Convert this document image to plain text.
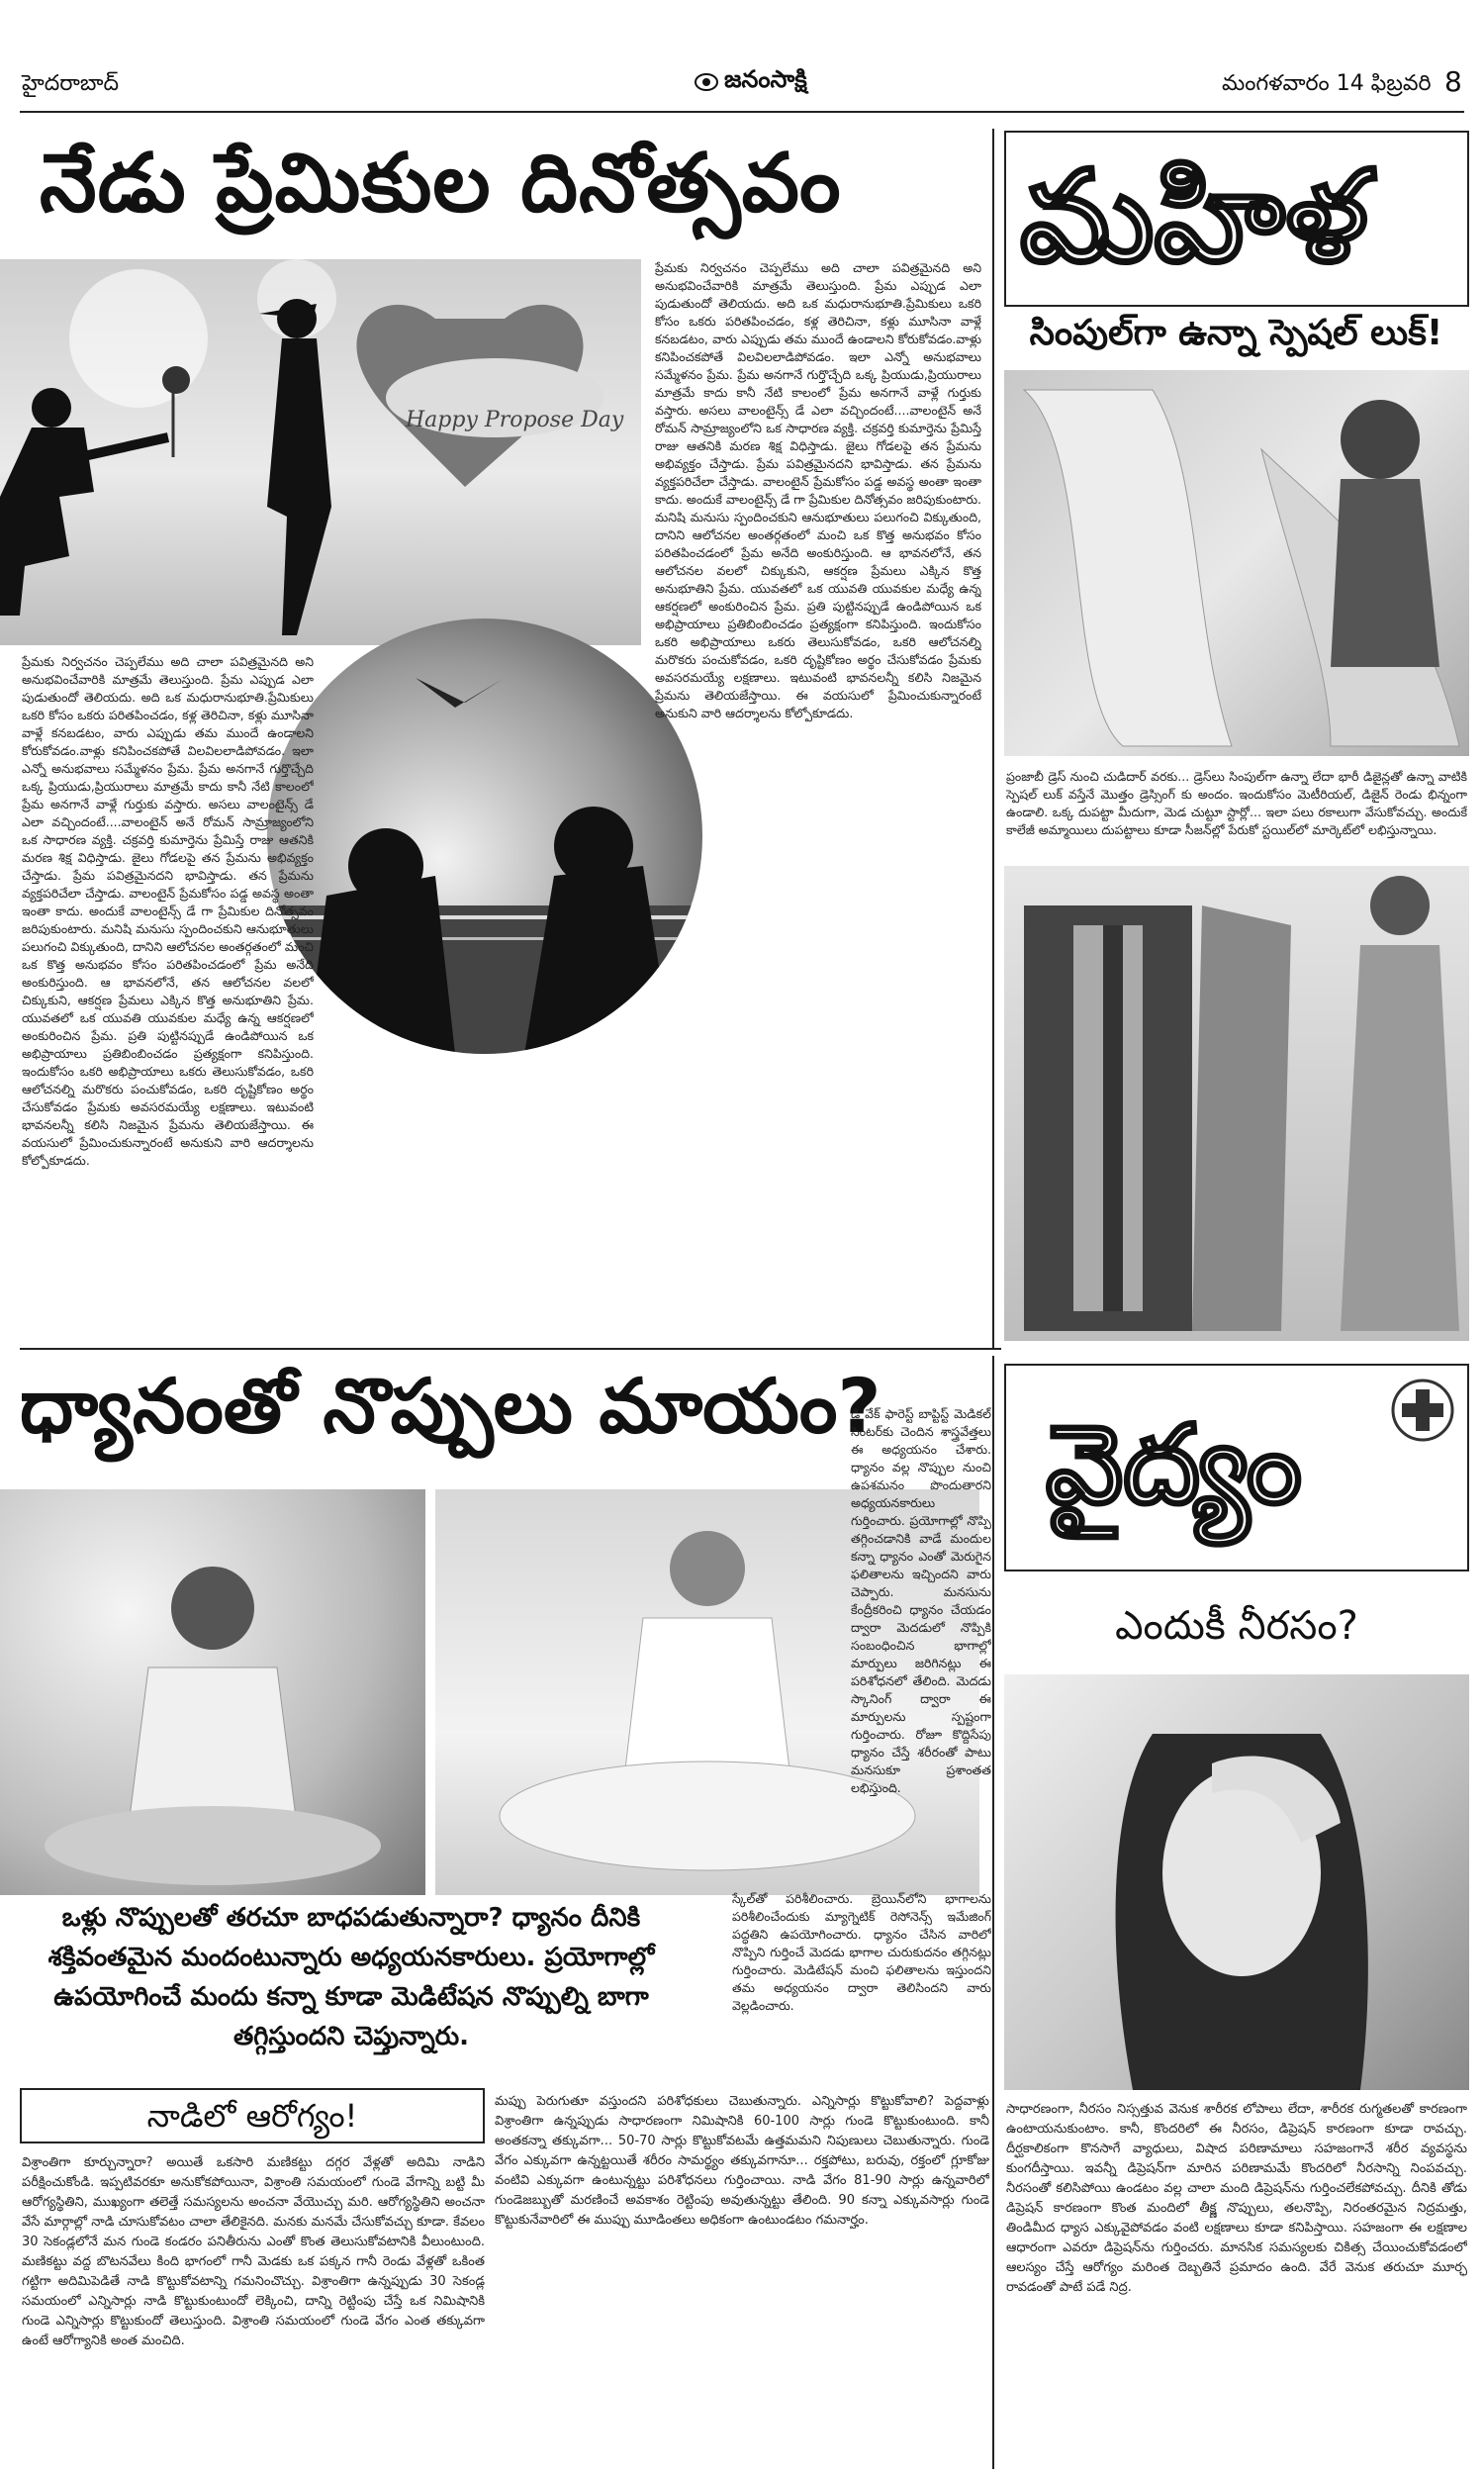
హైదరాబాద్	జనంసాక్షి	మంగళవారం 14 ఫిబ్రవరి 8
నేడు ప్రేమికుల దినోత్సవం
Happy Propose Day
ప్రేమకు నిర్వచనం చెప్పలేము అది చాలా పవిత్రమైనది అని అనుభవించేవారికి మాత్రమే తెలుస్తుంది. ప్రేమ ఎప్పుడ ఎలా పుడుతుందో తెలియదు. అది ఒక మధురానుభూతి.ప్రేమికులు ఒకరి కోసం ఒకరు పరితపించడం, కళ్ల తెరిచినా, కళ్లు మూసినా వాళ్లే కనబడటం, వారు ఎప్పుడు తమ ముందే ఉండాలని కోరుకోవడం.వాళ్లు కనిపించకపోతే విలవిలలాడిపోవడం. ఇలా ఎన్నో అనుభవాలు సమ్మేళనం ప్రేమ. ప్రేమ అనగానే గుర్తొచ్చేది ఒక్క ప్రియుడు,ప్రియురాలు మాత్రమే కాదు కానీ నేటి కాలంలో ప్రేమ అనగానే వాళ్లే గుర్తుకు వస్తారు. అసలు వాలంటైన్స్ డే ఎలా వచ్చిందంటే....వాలంటైన్ అనే రోమన్ సామ్రాజ్యంలోని ఒక సాధారణ వ్యక్తి. చక్రవర్తి కుమార్తెను ప్రేమిస్తే రాజు ఆతనికి మరణ శిక్ష విధిస్తాడు. జైలు గోడలపై తన ప్రేమను అభివ్యక్తం చేస్తాడు. ప్రేమ పవిత్రమైనదని భావిస్తాడు. తన ప్రేమను వ్యక్తపరిచేలా చేస్తాడు. వాలంటైన్ ప్రేమకోసం పడ్డ అవస్థ అంతా ఇంతా కాదు. అందుకే వాలంటైన్స్ డే గా ప్రేమికుల దినోత్సవం జరిపుకుంటారు. మనిషి మనుసు స్పందించకుని ఆనుభూతులు పలుగంచి విక్కుతుంది, దానిని ఆలోచనల అంతర్గతంలో మంచి ఒక కొత్త అనుభవం కోసం పరితపించడంలో ప్రేమ అనేది అంకురిస్తుంది. ఆ భావనలోనే, తన ఆలోచనల వలలో చిక్కుకుని, ఆకర్షణ ప్రేమలు ఎక్కిన కొత్త అనుభూతిని ప్రేమ. యువతలో ఒక యువతి యువకుల మధ్యే ఉన్న ఆకర్షణలో అంకురించిన ప్రేమ. ప్రతి పుట్టినప్పుడే ఉండిపోయిన ఒక అభిప్రాయాలు ప్రతిబింబించడం ప్రత్యక్షంగా కనిపిస్తుంది. ఇందుకోసం ఒకరి అభిప్రాయాలు ఒకరు తెలుసుకోవడం, ఒకరి ఆలోచనల్ని మరొకరు పంచుకోవడం, ఒకరి దృష్టికోణం అర్థం చేసుకోవడం ప్రేమకు అవసరమయ్యే లక్షణాలు. ఇటువంటి భావనలన్నీ కలిసి నిజమైన ప్రేమను తెలియజేస్తాయి. ఈ వయసులో ప్రేమించుకున్నారంటే అనుకుని వారి ఆదర్శాలను కోల్పోకూడదు.
ప్రేమకు నిర్వచనం చెప్పలేము అది చాలా పవిత్రమైనది అని అనుభవించేవారికి మాత్రమే తెలుస్తుంది. ప్రేమ ఎప్పుడ ఎలా పుడుతుందో తెలియదు. అది ఒక మధురానుభూతి.ప్రేమికులు ఒకరి కోసం ఒకరు పరితపించడం, కళ్ల తెరిచినా, కళ్లు మూసినా వాళ్లే కనబడటం, వారు ఎప్పుడు తమ ముందే ఉండాలని కోరుకోవడం.వాళ్లు కనిపించకపోతే విలవిలలాడిపోవడం. ఇలా ఎన్నో అనుభవాలు సమ్మేళనం ప్రేమ. ప్రేమ అనగానే గుర్తొచ్చేది ఒక్క ప్రియుడు,ప్రియురాలు మాత్రమే కాదు కానీ నేటి కాలంలో ప్రేమ అనగానే వాళ్లే గుర్తుకు వస్తారు. అసలు వాలంటైన్స్ డే ఎలా వచ్చిందంటే....వాలంటైన్ అనే రోమన్ సామ్రాజ్యంలోని ఒక సాధారణ వ్యక్తి. చక్రవర్తి కుమార్తెను ప్రేమిస్తే రాజు ఆతనికి మరణ శిక్ష విధిస్తాడు. జైలు గోడలపై తన ప్రేమను అభివ్యక్తం చేస్తాడు. ప్రేమ పవిత్రమైనదని భావిస్తాడు. తన ప్రేమను వ్యక్తపరిచేలా చేస్తాడు. వాలంటైన్ ప్రేమకోసం పడ్డ అవస్థ అంతా ఇంతా కాదు. అందుకే వాలంటైన్స్ డే గా ప్రేమికుల దినోత్సవం జరిపుకుంటారు. మనిషి మనుసు స్పందించకుని ఆనుభూతులు పలుగంచి విక్కుతుంది, దానిని ఆలోచనల అంతర్గతంలో మంచి ఒక కొత్త అనుభవం కోసం పరితపించడంలో ప్రేమ అనేది అంకురిస్తుంది. ఆ భావనలోనే, తన ఆలోచనల వలలో చిక్కుకుని, ఆకర్షణ ప్రేమలు ఎక్కిన కొత్త అనుభూతిని ప్రేమ. యువతలో ఒక యువతి యువకుల మధ్యే ఉన్న ఆకర్షణలో అంకురించిన ప్రేమ. ప్రతి పుట్టినప్పుడే ఉండిపోయిన ఒక అభిప్రాయాలు ప్రతిబింబించడం ప్రత్యక్షంగా కనిపిస్తుంది. ఇందుకోసం ఒకరి అభిప్రాయాలు ఒకరు తెలుసుకోవడం, ఒకరి ఆలోచనల్ని మరొకరు పంచుకోవడం, ఒకరి దృష్టికోణం అర్థం చేసుకోవడం ప్రేమకు అవసరమయ్యే లక్షణాలు. ఇటువంటి భావనలన్నీ కలిసి నిజమైన ప్రేమను తెలియజేస్తాయి. ఈ వయసులో ప్రేమించుకున్నారంటే అనుకుని వారి ఆదర్శాలను కోల్పోకూడదు.
మహిళ
సింపుల్‌గా ఉన్నా స్పెషల్ లుక్!
ప్రంజాబీ డ్రెస్ నుంచి చుడిదార్ వరకు... డ్రెస్‌లు సింపుల్‌గా ఉన్నా లేదా భారీ డిజైన్లతో ఉన్నా వాటికి స్పెషల్ లుక్ వస్తేనే మొత్తం డ్రెస్సింగ్ కు అందం. ఇందుకోసం మెటీరియల్, డిజైన్ రెండు భిన్నంగా ఉండాలి. ఒక్క దుపట్టా మీదుగా, మెడ చుట్టూ స్టార్లో... ఇలా పలు రకాలుగా వేసుకోవచ్చు. అందుకే కాలేజీ అమ్మాయిలు దుపట్టాలు కూడా సీజన్‌ల్లో పేరుకో స్టయిల్‌లో మార్కెట్‌లో లభిస్తున్నాయి.
ధ్యానంతో నొప్పులు మాయం?
ఒళ్లు నొప్పులతో తరచూ బాధపడుతున్నారా? ధ్యానం దీనికి శక్తివంతమైన మందంటున్నారు అధ్యయనకారులు. ప్రయోగాల్లో ఉపయోగించే మందు కన్నా కూడా మెడిటేషన నొప్పుల్ని బాగా తగ్గిస్తుందని చెప్తున్నారు.
స్కేల్‌తో పరిశీలించారు. బ్రెయిన్‌లోని భాగాలను పరిశీలించేందుకు మ్యాగ్నెటిక్ రెసోనెన్స్ ఇమేజింగ్ పద్ధతిని ఉపయోగించారు. ధ్యానం చేసిన వారిలో నొప్పిని గుర్తించే మెదడు భాగాల చురుకుదనం తగ్గినట్లు గుర్తించారు. మెడిటేషన్ మంచి ఫలితాలను ఇస్తుందని తమ అధ్యయనం ద్వారా తెలిసిందని వారు వెల్లడించారు.
డి వేక్ ఫారెస్ట్ బాప్టిస్ట్ మెడికల్ సెంటర్‌కు చెందిన శాస్త్రవేత్తలు ఈ అధ్యయనం చేశారు. ధ్యానం వల్ల నొప్పుల నుంచి ఉపశమనం పొందుతారని అధ్యయనకారులు గుర్తించారు. ప్రయోగాల్లో నొప్పి తగ్గించడానికి వాడే మందుల కన్నా ధ్యానం ఎంతో మెరుగైన ఫలితాలను ఇచ్చిందని వారు చెప్పారు. మనసును కేంద్రీకరించి ధ్యానం చేయడం ద్వారా మెదడులో నొప్పికి సంబంధించిన భాగాల్లో మార్పులు జరిగినట్లు ఈ పరిశోధనలో తేలింది. మెదడు స్కానింగ్ ద్వారా ఈ మార్పులను స్పష్టంగా గుర్తించారు. రోజూ కొద్దిసేపు ధ్యానం చేస్తే శరీరంతో పాటు మనసుకూ ప్రశాంతత లభిస్తుంది.
నాడిలో ఆరోగ్యం!
విశ్రాంతిగా కూర్చున్నారా? అయితే ఒకసారి మణికట్టు దగ్గర వేళ్లతో అదిమి నాడిని పరీక్షించుకోండి. ఇప్పటివరకూ అనుకోకపోయినా, విశ్రాంతి సమయంలో గుండె వేగాన్ని బట్టి మీ ఆరోగ్యస్థితిని, ముఖ్యంగా తలెత్తే సమస్యలను అంచనా వేయొచ్చు మరి. ఆరోగ్యస్థితిని అంచనా వేసే మార్గాల్లో నాడి చూసుకోవటం చాలా తేలికైనది. మనకు మనమే చేసుకోవచ్చు కూడా. కేవలం 30 సెకండ్లలోనే మన గుండె కండరం పనితీరును ఎంతో కొంత తెలుసుకోవటానికి వీలుంటుంది. మణికట్టు వద్ద బొటనవేలు కింది భాగంలో గానీ మెడకు ఒక పక్కన గానీ రెండు వేళ్లతో ఒకింత గట్టిగా అదిమిపెడితే నాడి కొట్టుకోవటాన్ని గమనించొచ్చు. విశ్రాంతిగా ఉన్నప్పుడు 30 సెకండ్ల సమయంలో ఎన్నిసార్లు నాడి కొట్టుకుంటుందో లెక్కించి, దాన్ని రెట్టింపు చేస్తే ఒక నిమిషానికి గుండె ఎన్నిసార్లు కొట్టుకుందో తెలుస్తుంది. విశ్రాంతి సమయంలో గుండె వేగం ఎంత తక్కువగా ఉంటే ఆరోగ్యానికి అంత మంచిది.
మప్పు పెరుగుతూ వస్తుందని పరిశోధకులు చెబుతున్నారు. ఎన్నిసార్లు కొట్టుకోవాలి? పెద్దవాళ్లు విశ్రాంతిగా ఉన్నప్పుడు సాధారణంగా నిమిషానికి 60-100 సార్లు గుండె కొట్టుకుంటుంది. కానీ అంతకన్నా తక్కువగా... 50-70 సార్లు కొట్టుకోవటమే ఉత్తమమని నిపుణులు చెబుతున్నారు. గుండె వేగం ఎక్కువగా ఉన్నట్టయితే శరీరం సామర్థ్యం తక్కువగానూ... రక్తపోటు, బరువు, రక్తంలో గ్లూకోజు వంటివి ఎక్కువగా ఉంటున్నట్టు పరిశోధనలు గుర్తించాయి. నాడి వేగం 81-90 సార్లు ఉన్నవారిలో గుండెజబ్బుతో మరణించే అవకాశం రెట్టింపు అవుతున్నట్టు తేలింది. 90 కన్నా ఎక్కువసార్లు గుండె కొట్టుకునేవారిలో ఈ ముప్పు మూడింతలు అధికంగా ఉంటుండటం గమనార్హం.
వైద్యం
ఎందుకీ నీరసం?
సాధారణంగా, నీరసం నిస్సత్తువ వెనుక శారీరక లోపాలు లేదా, శారీరక రుగ్మతలతో కారణంగా ఉంటాయనుకుంటాం. కానీ, కొందరిలో ఈ నీరసం, డిప్రెషన్ కారణంగా కూడా రావచ్చు. దీర్ఘకాలికంగా కొనసాగే వ్యాధులు, విషాద పరిణామాలు సహజంగానే శరీర వ్యవస్థను కుంగదీస్తాయి. ఇవన్నీ డిప్రెషన్‌గా మారిన పరిణామమే కొందరిలో నీరసాన్ని నింపవచ్చు. నీరసంతో కలిసిపోయి ఉండటం వల్ల చాలా మంది డిప్రెషన్‌ను గుర్తించలేకపోవచ్చు. దీనికి తోడు డిప్రెషన్ కారణంగా కొంత మందిలో తీక్ష్ణ నొప్పులు, తలనొప్పి, నిరంతరమైన నిద్రమత్తు, తిండిమీద ధ్యాస ఎక్కువైపోవడం వంటి లక్షణాలు కూడా కనిపిస్తాయి. సహజంగా ఈ లక్షణాల ఆధారంగా ఎవరూ డిప్రెషన్‌ను గుర్తించరు. మానసిక సమస్యలకు చికిత్స చేయించుకోవడంలో ఆలస్యం చేస్తే ఆరోగ్యం మరింత దెబ్బతినే ప్రమాదం ఉంది. వేరే వెనుక తరుచూ మూర్ఛ రావడంతో పాటే పడే నిద్ర.
